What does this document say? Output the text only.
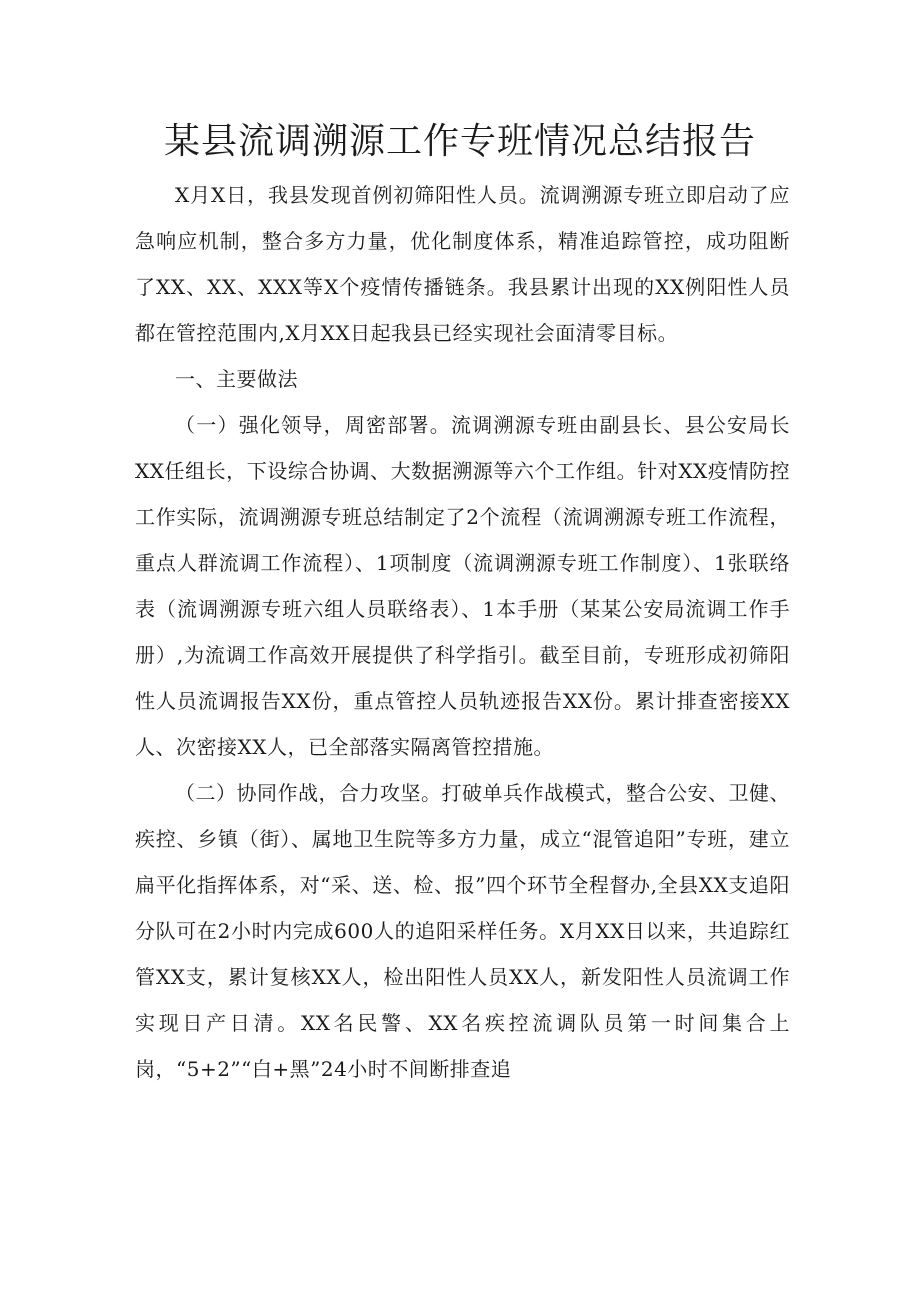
某县流调溯源工作专班情况总结报告

X月X日，我县发现首例初筛阳性人员。流调溯源专班立即启动了应急响应机制，整合多方力量，优化制度体系，精准追踪管控，成功阻断了XX、XX、XXX等X个疫情传播链条。我县累计出现的XX例阳性人员都在管控范围内,X月XX日起我县已经实现社会面清零目标。

一、主要做法

（一）强化领导，周密部署。流调溯源专班由副县长、县公安局长XX任组长，下设综合协调、大数据溯源等六个工作组。针对XX疫情防控工作实际，流调溯源专班总结制定了2个流程（流调溯源专班工作流程，重点人群流调工作流程）、1项制度（流调溯源专班工作制度）、1张联络表（流调溯源专班六组人员联络表）、1本手册（某某公安局流调工作手册）,为流调工作高效开展提供了科学指引。截至目前，专班形成初筛阳性人员流调报告XX份，重点管控人员轨迹报告XX份。累计排查密接XX人、次密接XX人，已全部落实隔离管控措施。

（二）协同作战，合力攻坚。打破单兵作战模式，整合公安、卫健、疾控、乡镇（街）、属地卫生院等多方力量，成立“混管追阳”专班，建立扁平化指挥体系，对“采、送、检、报”四个环节全程督办,全县XX支追阳分队可在2小时内完成600人的追阳采样任务。X月XX日以来，共追踪红管XX支，累计复核XX人，检出阳性人员XX人，新发阳性人员流调工作实现日产日清。XX名民警、XX名疾控流调队员第一时间集合上岗，“5+2”“白+黑”24小时不间断排查追
